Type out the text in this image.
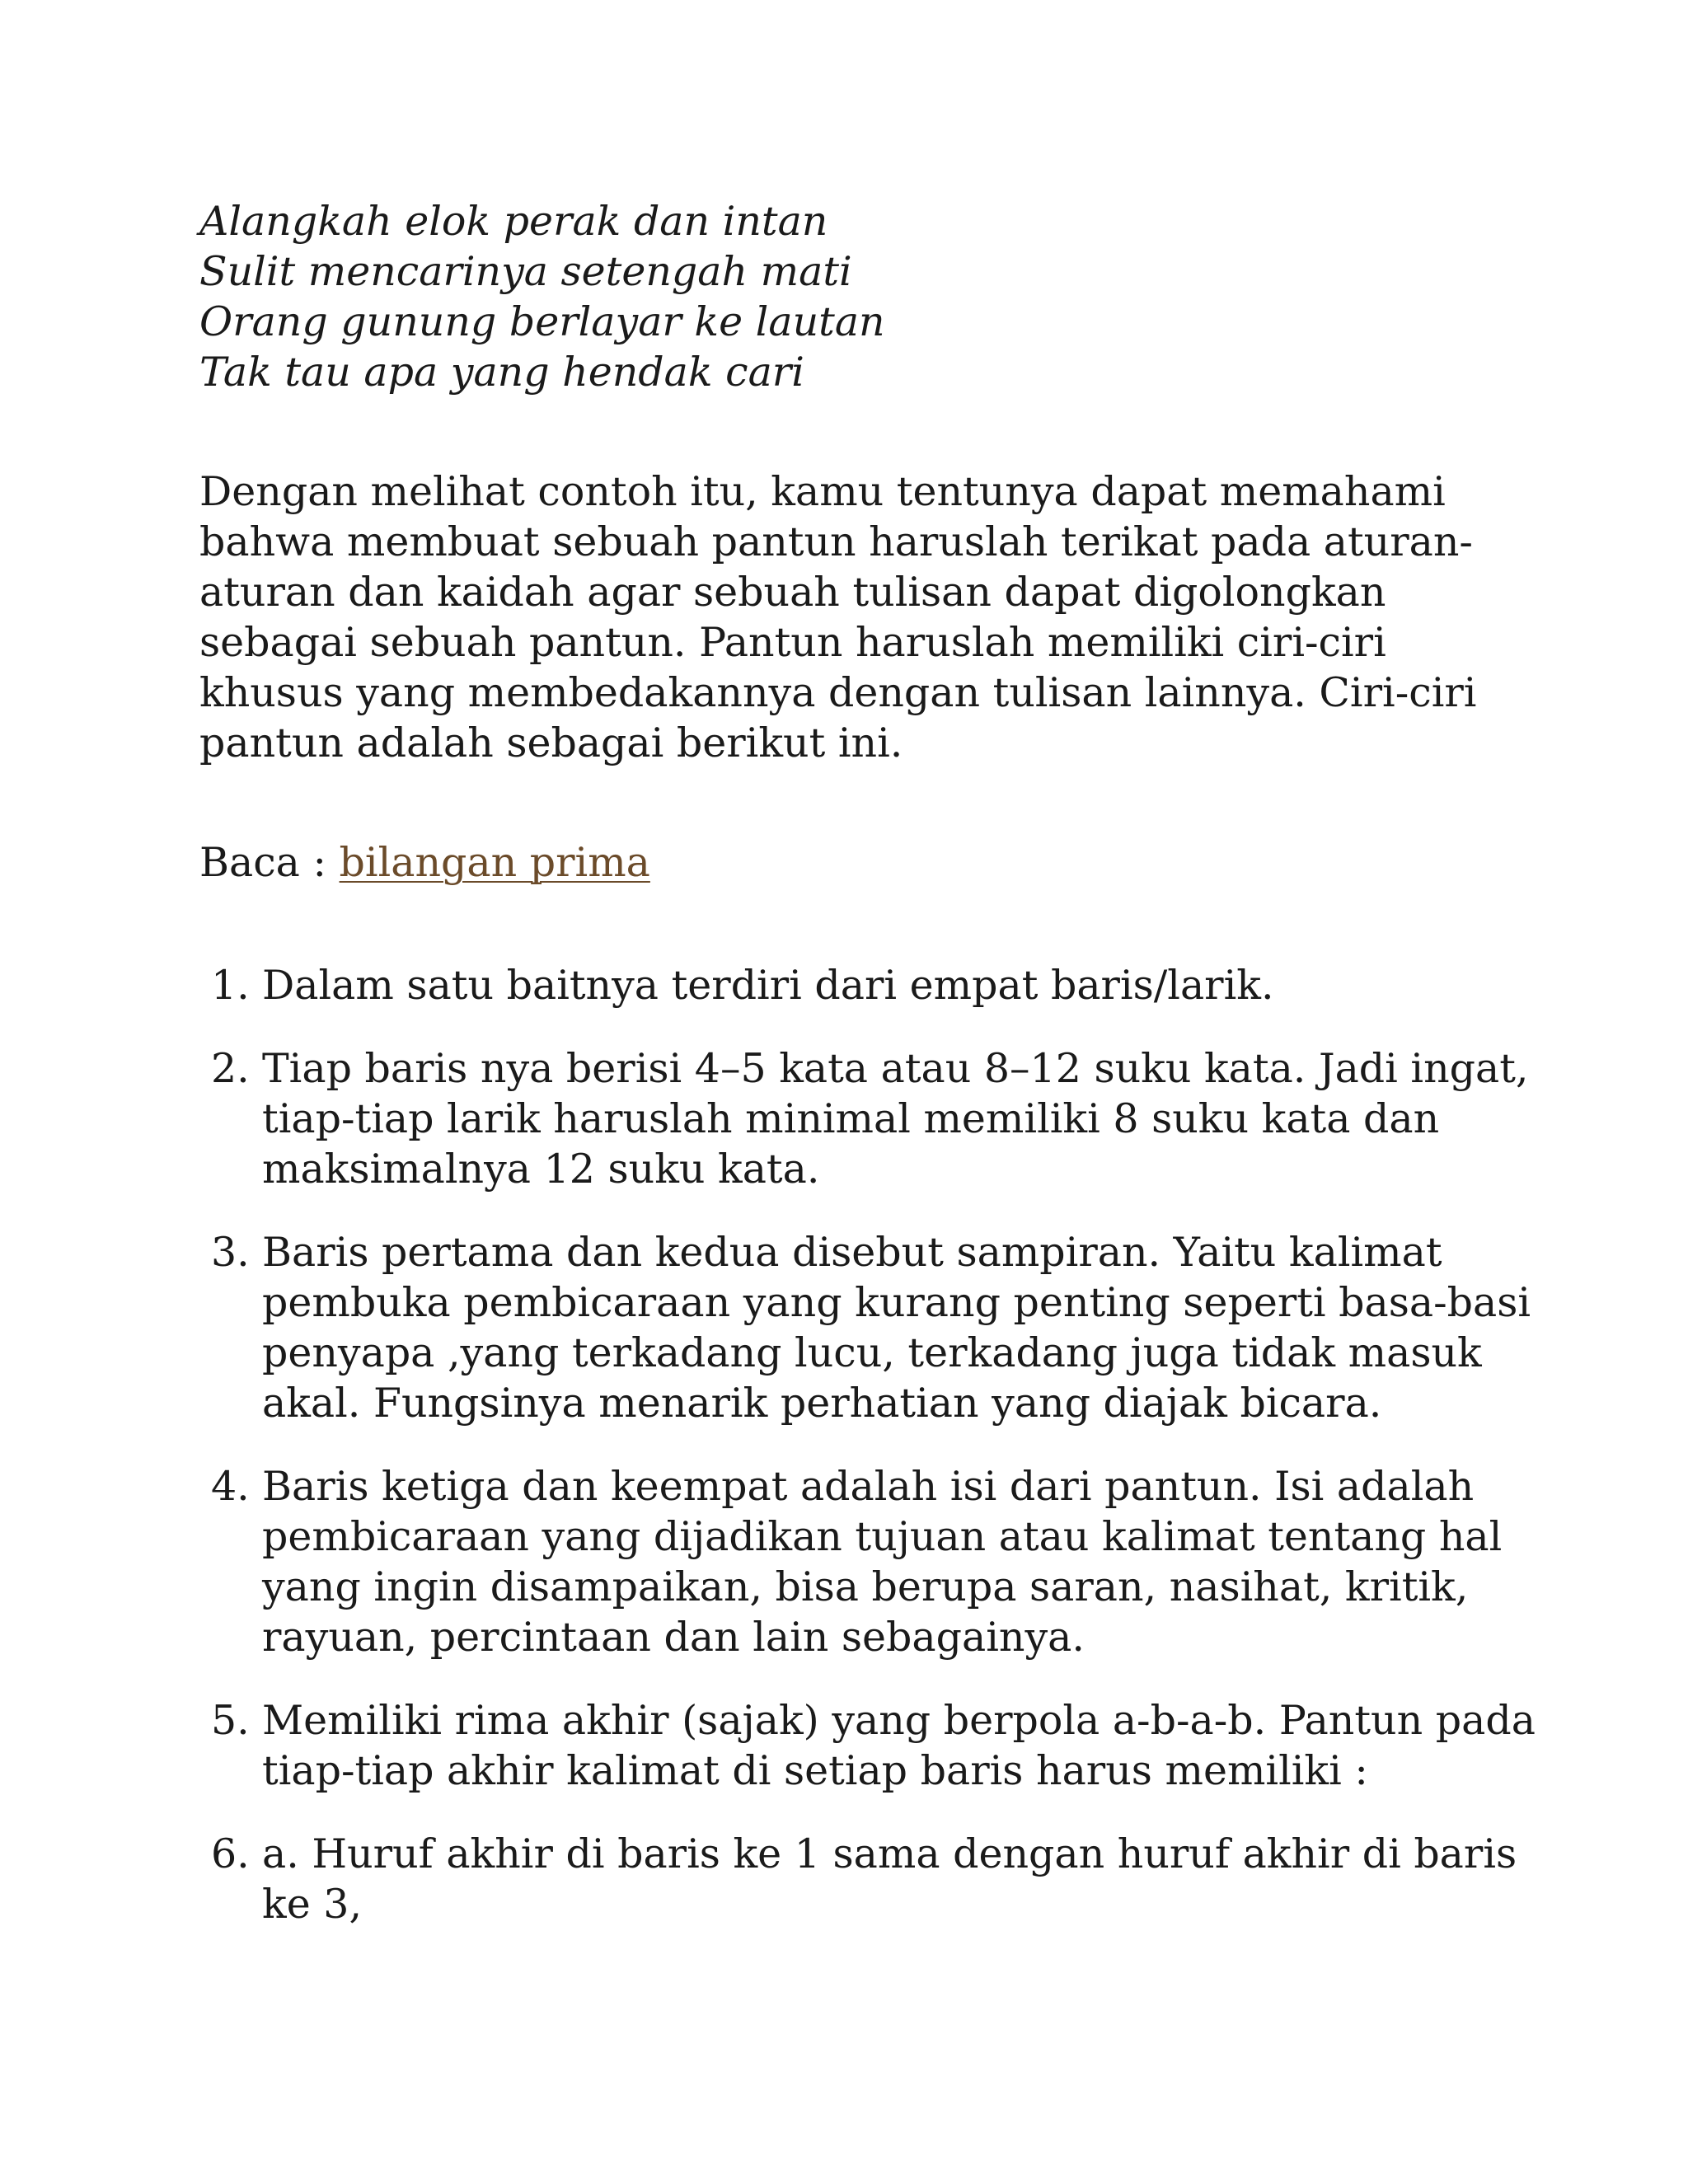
Alangkah elok perak dan intan
Sulit mencarinya setengah mati
Orang gunung berlayar ke lautan
Tak tau apa yang hendak cari

Dengan melihat contoh itu, kamu tentunya dapat memahami bahwa membuat sebuah pantun haruslah terikat pada aturan-aturan dan kaidah agar sebuah tulisan dapat digolongkan sebagai sebuah pantun. Pantun haruslah memiliki ciri-ciri khusus yang membedakannya dengan tulisan lainnya. Ciri-ciri pantun adalah sebagai berikut ini.

Baca : bilangan prima

1. Dalam satu baitnya terdiri dari empat baris/larik.
2. Tiap baris nya berisi 4–5 kata atau 8–12 suku kata. Jadi ingat, tiap-tiap larik haruslah minimal memiliki 8 suku kata dan maksimalnya 12 suku kata.
3. Baris pertama dan kedua disebut sampiran. Yaitu kalimat pembuka pembicaraan yang kurang penting seperti basa-basi penyapa ,yang terkadang lucu, terkadang juga tidak masuk akal. Fungsinya menarik perhatian yang diajak bicara.
4. Baris ketiga dan keempat adalah isi dari pantun. Isi adalah pembicaraan yang dijadikan tujuan atau kalimat tentang hal yang ingin disampaikan, bisa berupa saran, nasihat, kritik, rayuan, percintaan dan lain sebagainya.
5. Memiliki rima akhir (sajak) yang berpola a-b-a-b. Pantun pada tiap-tiap akhir kalimat di setiap baris harus memiliki :
6. a. Huruf akhir di baris ke 1 sama dengan huruf akhir di baris ke 3,
